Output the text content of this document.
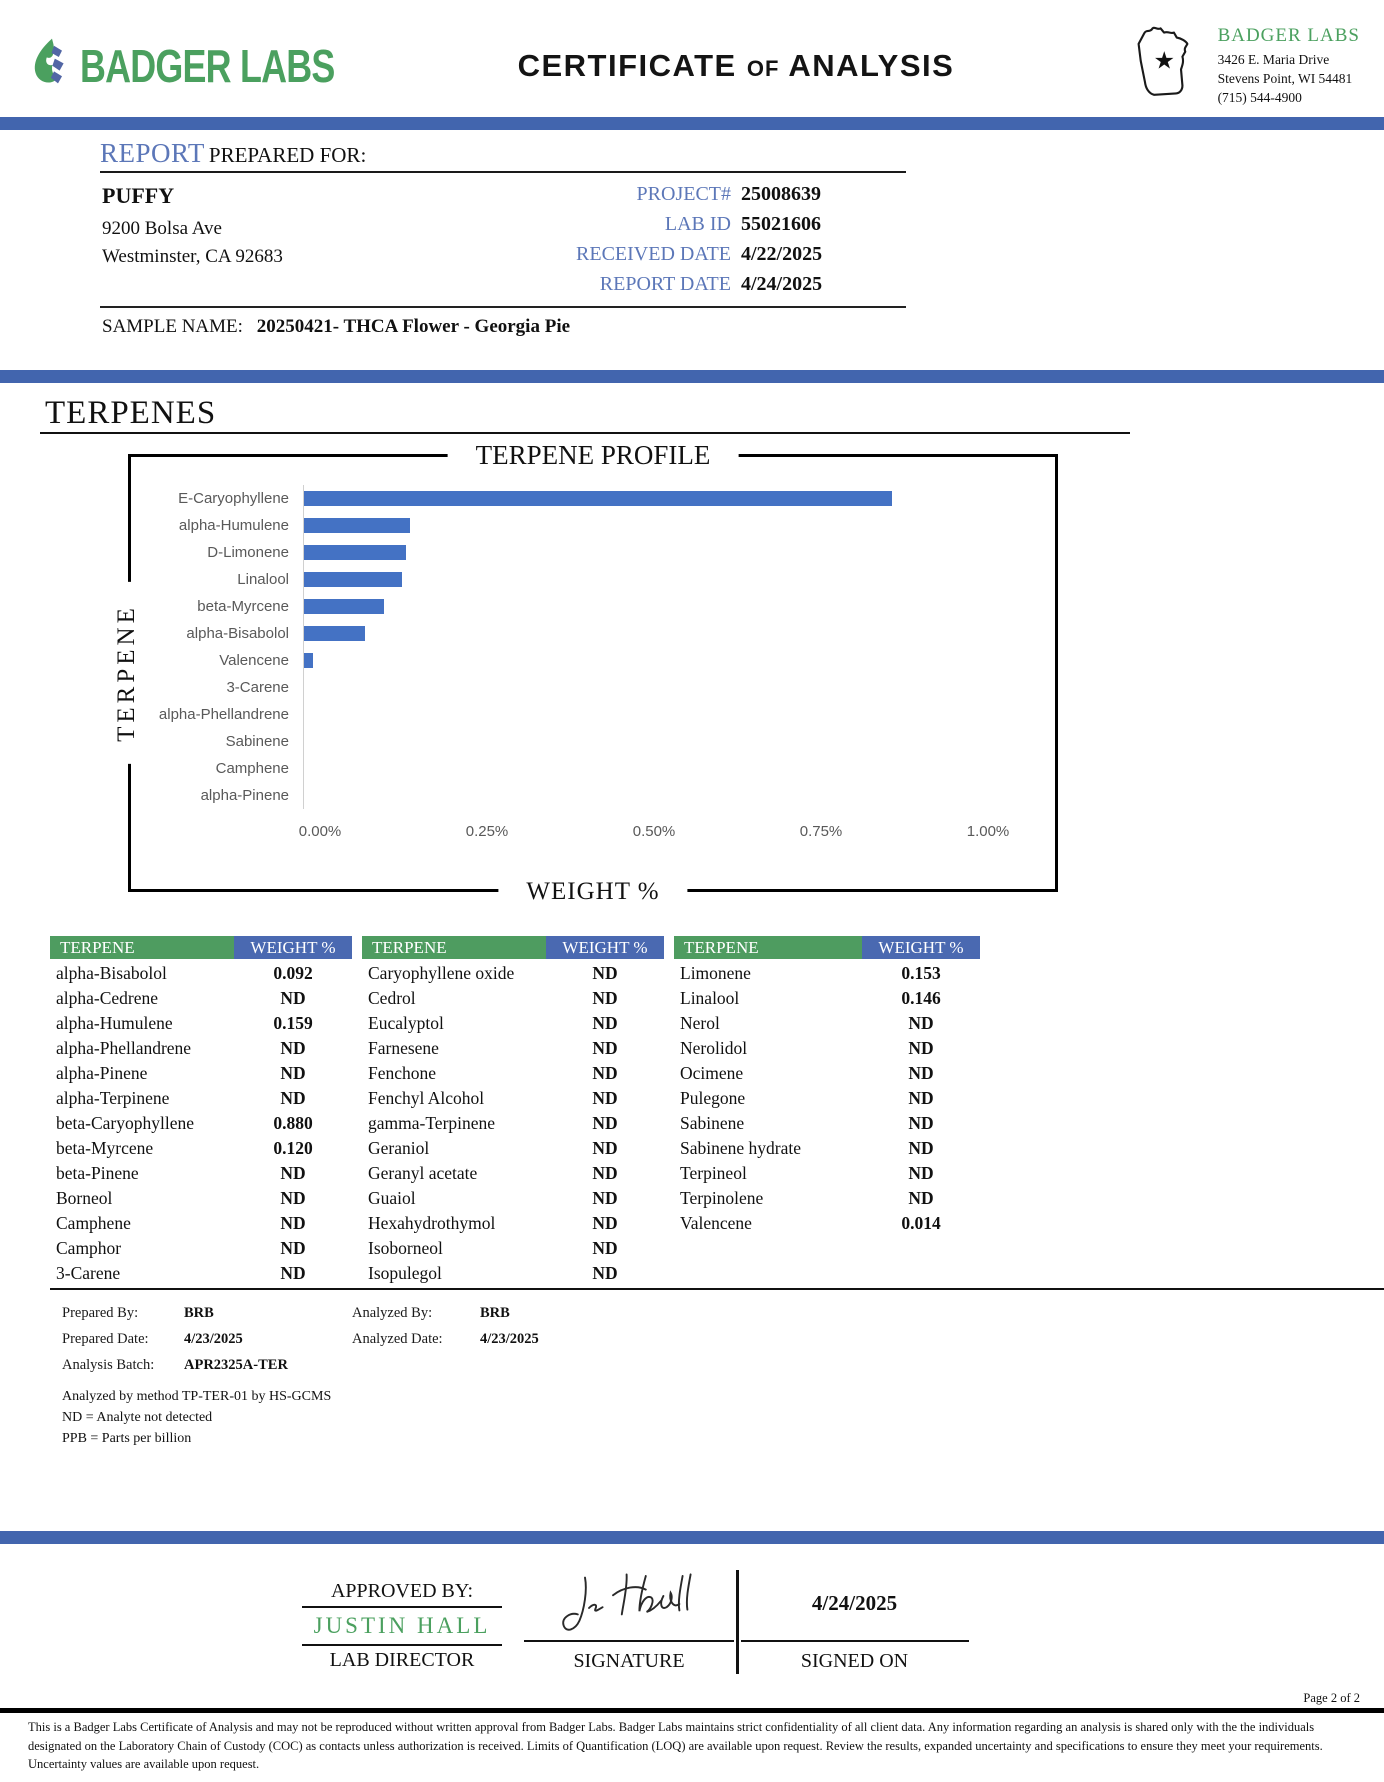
BADGER LABS	CERTIFICATE OF ANALYSIS	★
BADGER LABS
3426 E. Maria Drive
Stevens Point, WI 54481
(715) 544-4900
REPORT PREPARED FOR:
PUFFY
9200 Bolsa Ave
Westminster, CA 92683
PROJECT# 25008639
LAB ID 55021606
RECEIVED DATE 4/22/2025
REPORT DATE 4/24/2025
SAMPLE NAME: 20250421- THCA Flower - Georgia Pie
TERPENES
TERPENE PROFILE
TERPENE
WEIGHT %
E-Caryophyllene
alpha-Humulene
D-Limonene
Linalool
beta-Myrcene
alpha-Bisabolol
Valencene
3-Carene
alpha-Phellandrene
Sabinene
Camphene
alpha-Pinene
0.00%	0.25%	0.50%	0.75%	1.00%
TERPENE	WEIGHT %	TERPENE	WEIGHT %	TERPENE	WEIGHT %
alpha-Bisabolol	0.092	Caryophyllene oxide	ND	Limonene	0.153
alpha-Cedrene	ND	Cedrol	ND	Linalool	0.146
alpha-Humulene	0.159	Eucalyptol	ND	Nerol	ND
alpha-Phellandrene	ND	Farnesene	ND	Nerolidol	ND
alpha-Pinene	ND	Fenchone	ND	Ocimene	ND
alpha-Terpinene	ND	Fenchyl Alcohol	ND	Pulegone	ND
beta-Caryophyllene	0.880	gamma-Terpinene	ND	Sabinene	ND
beta-Myrcene	0.120	Geraniol	ND	Sabinene hydrate	ND
beta-Pinene	ND	Geranyl acetate	ND	Terpineol	ND
Borneol	ND	Guaiol	ND	Terpinolene	ND
Camphene	ND	Hexahydrothymol	ND	Valencene	0.014
Camphor	ND	Isoborneol	ND
3-Carene	ND	Isopulegol	ND
Prepared By:	BRB	Analyzed By:	BRB
Prepared Date:	4/23/2025	Analyzed Date:	4/23/2025
Analysis Batch:	APR2325A-TER
Analyzed by method TP-TER-01 by HS-GCMS
ND = Analyte not detected
PPB = Parts per billion
APPROVED BY:
JUSTIN HALL
LAB DIRECTOR	SIGNATURE
4/24/2025
SIGNED ON
Page 2 of 2

This is a Badger Labs Certificate of Analysis and may not be reproduced without written approval from Badger Labs. Badger Labs maintains strict confidentiality of all client data. Any information regarding an analysis is shared only with the the individuals designated on the Laboratory Chain of Custody (COC) as contacts unless authorization is received. Limits of Quantification (LOQ) are available upon request. Review the results, expanded uncertainty and specifications to ensure they meet your requirements. Uncertainty values are available upon request.
